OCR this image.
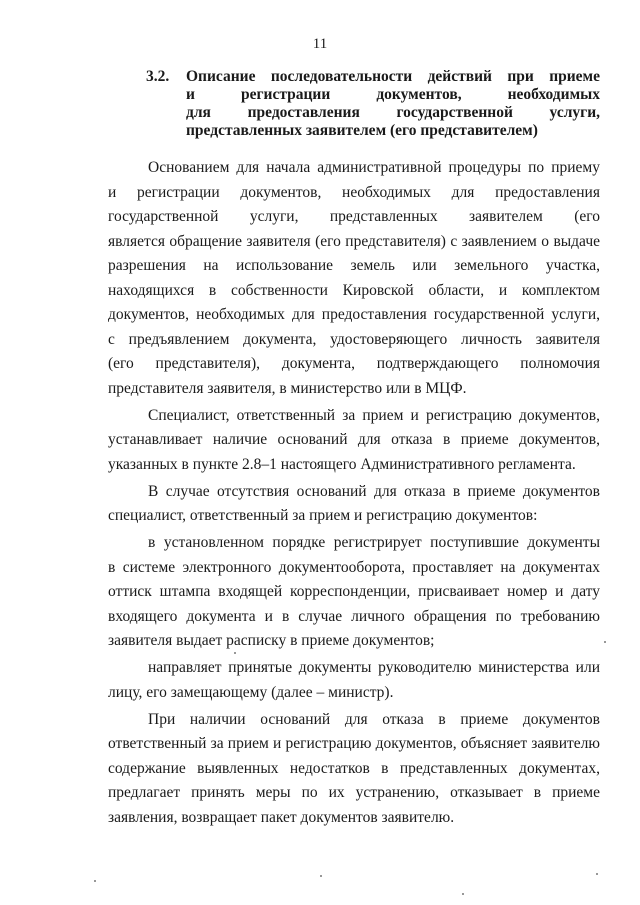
11
3.2. Описание последовательности действий при приеме
и регистрации документов, необходимых
для предоставления государственной услуги,
представленных заявителем (его представителем)
Основанием для начала административной процедуры по приему
и регистрации документов, необходимых для предоставления
государственной услуги, представленных заявителем (его
является обращение заявителя (его представителя) с заявлением о выдаче
разрешения на использование земель или земельного участка,
находящихся в собственности Кировской области, и комплектом
документов, необходимых для предоставления государственной услуги,
с предъявлением документа, удостоверяющего личность заявителя
(его представителя), документа, подтверждающего полномочия
представителя заявителя, в министерство или в МЦФ.
Специалист, ответственный за прием и регистрацию документов,
устанавливает наличие оснований для отказа в приеме документов,
указанных в пункте 2.8–1 настоящего Административного регламента.
В случае отсутствия оснований для отказа в приеме документов
специалист, ответственный за прием и регистрацию документов:
в установленном порядке регистрирует поступившие документы
в системе электронного документооборота, проставляет на документах
оттиск штампа входящей корреспонденции, присваивает номер и дату
входящего документа и в случае личного обращения по требованию
заявителя выдает расписку в приеме документов;
направляет принятые документы руководителю министерства или
лицу, его замещающему (далее – министр).
При наличии оснований для отказа в приеме документов
ответственный за прием и регистрацию документов, объясняет заявителю
содержание выявленных недостатков в представленных документах,
предлагает принять меры по их устранению, отказывает в приеме
заявления, возвращает пакет документов заявителю.
